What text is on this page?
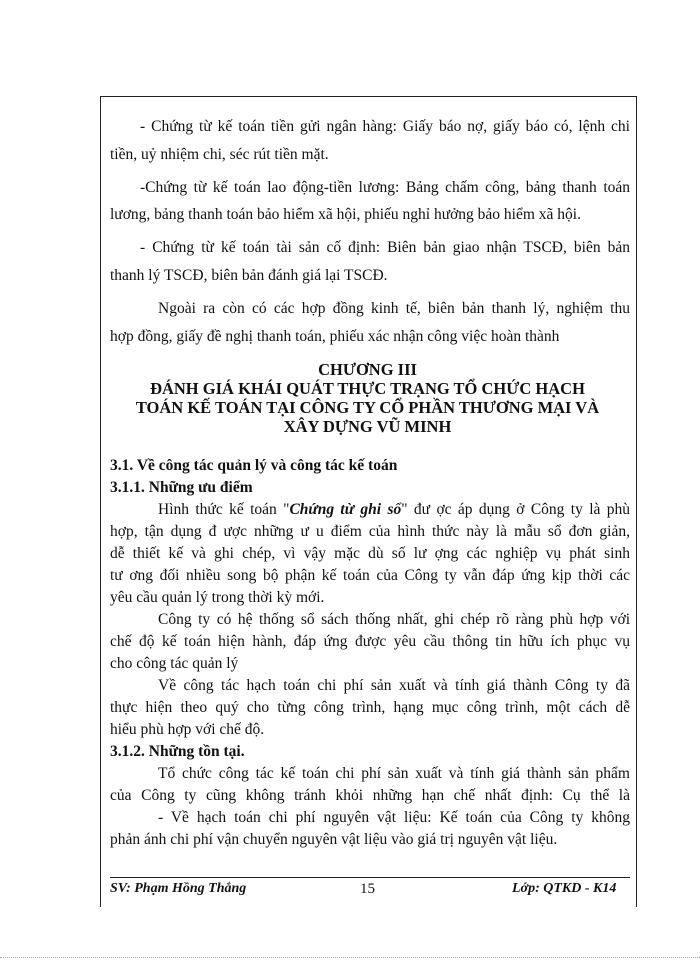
- Chứng từ kế toán tiền gửi ngân hàng: Giấy báo nợ, giấy báo có, lệnh chi
tiền, uỷ nhiệm chi, séc rút tiền mặt.
-Chứng từ kế toán lao động-tiền lương: Bảng chấm công, bảng thanh toán
lương, bảng thanh toán bảo hiểm xã hội, phiếu nghỉ hưởng bảo hiểm xã hội.
- Chứng từ kế toán tài sản cố định: Biên bản giao nhận TSCĐ, biên bản
thanh lý TSCĐ, biên bản đánh giá lại TSCĐ.
Ngoài ra còn có các hợp đồng kinh tế, biên bản thanh lý, nghiệm thu
hợp đồng, giấy đề nghị thanh toán, phiếu xác nhận công việc hoàn thành
CHƯƠNG III
ĐÁNH GIÁ KHÁI QUÁT THỰC TRẠNG TỔ CHỨC HẠCH
TOÁN KẾ TOÁN TẠI CÔNG TY CỔ PHẦN THƯƠNG MẠI VÀ
XÂY DỰNG VŨ MINH
3.1. Về công tác quản lý và công tác kế toán
3.1.1. Những ưu điểm
Hình thức kế toán "Chứng từ ghi sổ" đư ợc áp dụng ở Công ty là phù
hợp, tận dụng đ ược những ư u điểm của hình thức này là mẫu sổ đơn giản,
dễ thiết kế và ghi chép, vì vậy mặc dù số lư ợng các nghiệp vụ phát sinh
tư ơng đối nhiều song bộ phận kế toán của Công ty vẫn đáp ứng kịp thời các
yêu cầu quản lý trong thời kỳ mới.
Công ty có hệ thống sổ sách thống nhất, ghi chép rõ ràng phù hợp với
chế độ kế toán hiện hành, đáp ứng được yêu cầu thông tin hữu ích phục vụ
cho công tác quản lý
Về công tác hạch toán chi phí sản xuất và tính giá thành Công ty đã
thực hiện theo quý cho từng công trình, hạng mục công trình, một cách dễ
hiểu phù hợp với chế độ.
3.1.2. Những tồn tại.
Tổ chức công tác kế toán chi phí sản xuất và tính giá thành sản phẩm
của Công ty cũng không tránh khỏi những hạn chế nhất định: Cụ thể là
- Về hạch toán chi phí nguyên vật liệu: Kế toán của Công ty không
phản ánh chi phí vận chuyển nguyên vật liệu vào giá trị nguyên vật liệu.
SV: Phạm Hồng Thắng	15	Lớp: QTKD - K14
